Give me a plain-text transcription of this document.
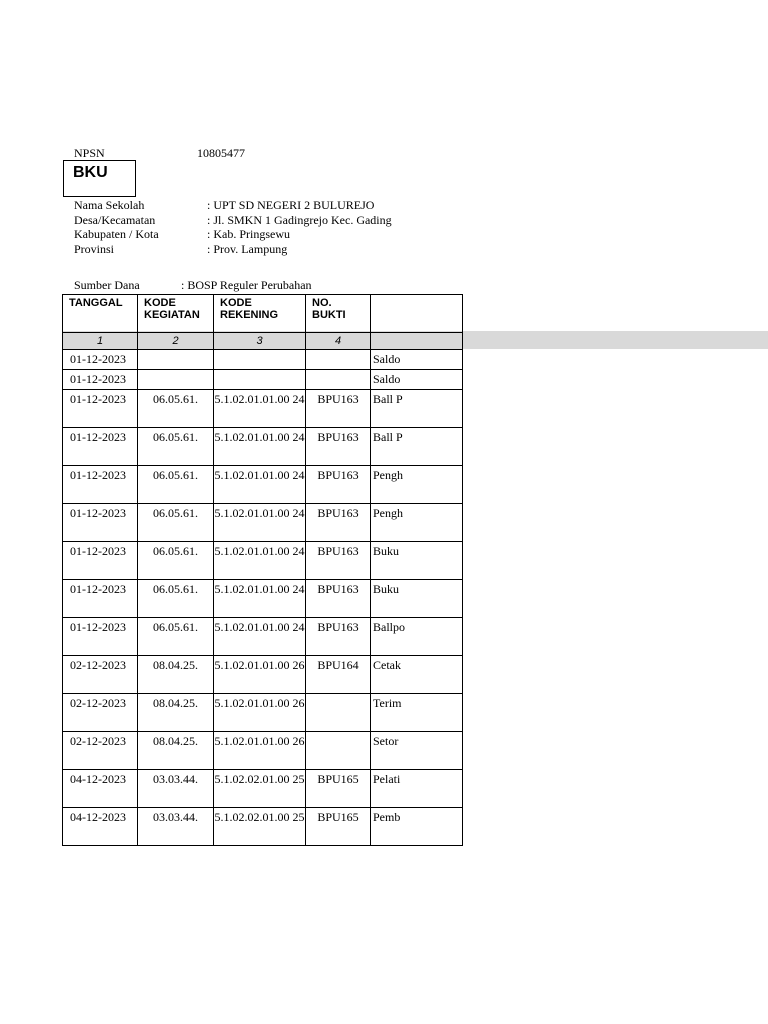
NPSN	10805477
BKU
Nama Sekolah	: UPT SD NEGERI 2 BULUREJO
Desa/Kecamatan	: Jl. SMKN 1 Gadingrejo Kec. Gading
Kabupaten / Kota	: Kab. Pringsewu
Provinsi	: Prov. Lampung
Sumber Dana	: BOSP Reguler Perubahan
TANGGAL	KODE KEGIATAN	KODE REKENING	NO. BUKTI	
1	2	3	4	
01-12-2023				Saldo
01-12-2023				Saldo
01-12-2023	06.05.61.	5.1.02.01.01.00 24	BPU163	Ball P
01-12-2023	06.05.61.	5.1.02.01.01.00 24	BPU163	Ball P
01-12-2023	06.05.61.	5.1.02.01.01.00 24	BPU163	Pengh
01-12-2023	06.05.61.	5.1.02.01.01.00 24	BPU163	Pengh
01-12-2023	06.05.61.	5.1.02.01.01.00 24	BPU163	Buku
01-12-2023	06.05.61.	5.1.02.01.01.00 24	BPU163	Buku
01-12-2023	06.05.61.	5.1.02.01.01.00 24	BPU163	Ballpo
02-12-2023	08.04.25.	5.1.02.01.01.00 26	BPU164	Cetak
02-12-2023	08.04.25.	5.1.02.01.01.00 26		Terim
02-12-2023	08.04.25.	5.1.02.01.01.00 26		Setor
04-12-2023	03.03.44.	5.1.02.02.01.00 25	BPU165	Pelati
04-12-2023	03.03.44.	5.1.02.02.01.00 25	BPU165	Pemb
